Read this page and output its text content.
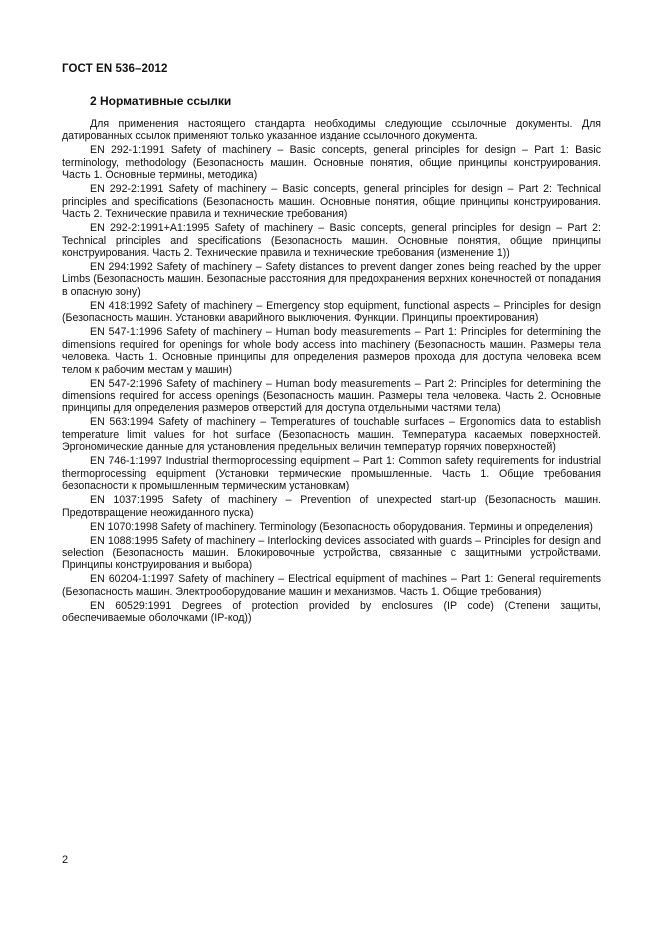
ГОСТ EN 536–2012
2 Нормативные ссылки

Для применения настоящего стандарта необходимы следующие ссылочные документы. Для датированных ссылок применяют только указанное издание ссылочного документа.

EN 292-1:1991 Safety of machinery – Basic concepts, general principles for design – Part 1: Basic terminology, methodology (Безопасность машин. Основные понятия, общие принципы конструирования. Часть 1. Основные термины, методика)

EN 292-2:1991 Safety of machinery – Basic concepts, general principles for design – Part 2: Technical principles and specifications (Безопасность машин. Основные понятия, общие принципы конструирования. Часть 2. Технические правила и технические требования)

EN 292-2:1991+A1:1995 Safety of machinery – Basic concepts, general principles for design – Part 2: Technical principles and specifications (Безопасность машин. Основные понятия, общие принципы конструирования. Часть 2. Технические правила и технические требования (изменение 1))

EN 294:1992 Safety of machinery – Safety distances to prevent danger zones being reached by the upper Limbs (Безопасность машин. Безопасные расстояния для предохранения верхних конечностей от попадания в опасную зону)

EN 418:1992 Safety of machinery – Emergency stop equipment, functional aspects – Principles for design (Безопасность машин. Установки аварийного выключения. Функции. Принципы проектирования)

EN 547-1:1996 Safety of machinery – Human body measurements – Part 1: Principles for determining the dimensions required for openings for whole body access into machinery (Безопасность машин. Размеры тела человека. Часть 1. Основные принципы для определения размеров прохода для доступа человека всем телом к рабочим местам у машин)

EN 547-2:1996 Safety of machinery – Human body measurements – Part 2: Principles for determining the dimensions required for access openings (Безопасность машин. Размеры тела человека. Часть 2. Основные принципы для определения размеров отверстий для доступа отдельными частями тела)

EN 563:1994 Safety of machinery – Temperatures of touchable surfaces – Ergonomics data to establish temperature limit values for hot surface (Безопасность машин. Температура касаемых поверхностей. Эргономические данные для установления предельных величин температур горячих поверхностей)

EN 746-1:1997 Industrial thermoprocessing equipment – Part 1: Common safety requirements for industrial thermoprocessing equipment (Установки термические промышленные. Часть 1. Общие требования безопасности к промышленным термическим установкам)

EN 1037:1995 Safety of machinery – Prevention of unexpected start-up (Безопасность машин. Предотвращение неожиданного пуска)

EN 1070:1998 Safety of machinery. Terminology (Безопасность оборудования. Термины и определения)

EN 1088:1995 Safety of machinery – Interlocking devices associated with guards – Principles for design and selection (Безопасность машин. Блокировочные устройства, связанные с защитными устройствами. Принципы конструирования и выбора)

EN 60204-1:1997 Safety of machinery – Electrical equipment of machines – Part 1: General requirements (Безопасность машин. Электрооборудование машин и механизмов. Часть 1. Общие требования)

EN 60529:1991 Degrees of protection provided by enclosures (IP code) (Степени защиты, обеспечиваемые оболочками (IP-код))

2
